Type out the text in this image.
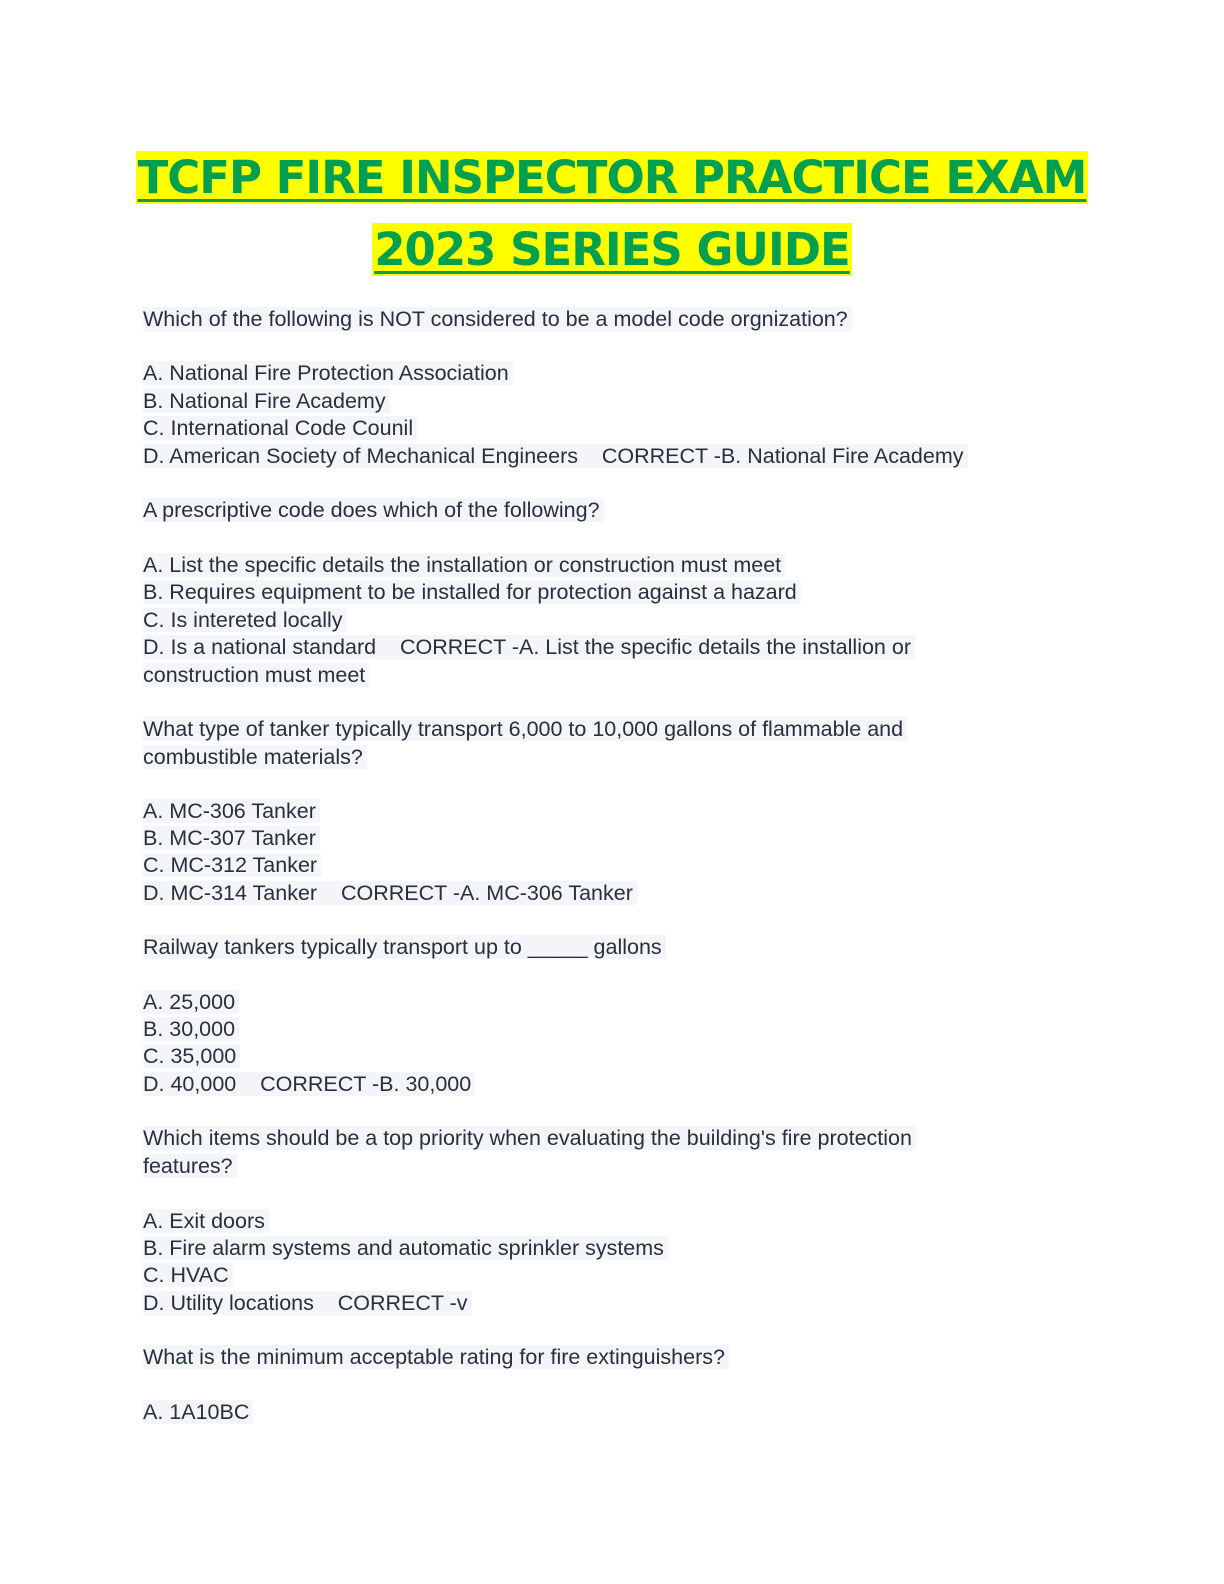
TCFP FIRE INSPECTOR PRACTICE EXAM
2023 SERIES GUIDE
Which of the following is NOT considered to be a model code orgnization?
A. National Fire Protection Association
B. National Fire Academy
C. International Code Counil
D. American Society of Mechanical Engineers    CORRECT -B. National Fire Academy
A prescriptive code does which of the following?
A. List the specific details the installation or construction must meet
B. Requires equipment to be installed for protection against a hazard
C. Is intereted locally
D. Is a national standard    CORRECT -A. List the specific details the installion or
construction must meet
What type of tanker typically transport 6,000 to 10,000 gallons of flammable and
combustible materials?
A. MC-306 Tanker
B. MC-307 Tanker
C. MC-312 Tanker
D. MC-314 Tanker    CORRECT -A. MC-306 Tanker
Railway tankers typically transport up to _____ gallons
A. 25,000
B. 30,000
C. 35,000
D. 40,000    CORRECT -B. 30,000
Which items should be a top priority when evaluating the building's fire protection
features?
A. Exit doors
B. Fire alarm systems and automatic sprinkler systems
C. HVAC
D. Utility locations    CORRECT -v
What is the minimum acceptable rating for fire extinguishers?
A. 1A10BC
